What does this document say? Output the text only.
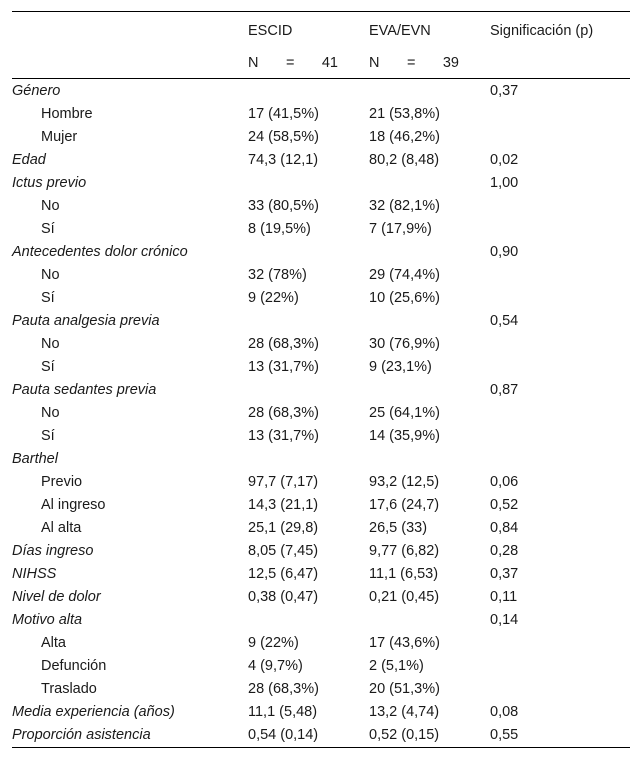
	ESCID	EVA/EVN	Significación (p)

	N = 41	N = 39	

Género			0,37
Hombre	17 (41,5%)	21 (53,8%)	
Mujer	24 (58,5%)	18 (46,2%)	
Edad	74,3 (12,1)	80,2 (8,48)	0,02
Ictus previo			1,00
No	33 (80,5%)	32 (82,1%)	
Sí	8 (19,5%)	7 (17,9%)	
Antecedentes dolor crónico			0,90
No	32 (78%)	29 (74,4%)	
Sí	9 (22%)	10 (25,6%)	
Pauta analgesia previa			0,54
No	28 (68,3%)	30 (76,9%)	
Sí	13 (31,7%)	9 (23,1%)	
Pauta sedantes previa			0,87
No	28 (68,3%)	25 (64,1%)	
Sí	13 (31,7%)	14 (35,9%)	
Barthel			
Previo	97,7 (7,17)	93,2 (12,5)	0,06
Al ingreso	14,3 (21,1)	17,6 (24,7)	0,52
Al alta	25,1 (29,8)	26,5 (33)	0,84
Días ingreso	8,05 (7,45)	9,77 (6,82)	0,28
NIHSS	12,5 (6,47)	11,1 (6,53)	0,37
Nivel de dolor	0,38 (0,47)	0,21 (0,45)	0,11
Motivo alta			0,14
Alta	9 (22%)	17 (43,6%)	
Defunción	4 (9,7%)	2 (5,1%)	
Traslado	28 (68,3%)	20 (51,3%)	
Media experiencia (años)	11,1 (5,48)	13,2 (4,74)	0,08
Proporción asistencia	0,54 (0,14)	0,52 (0,15)	0,55
